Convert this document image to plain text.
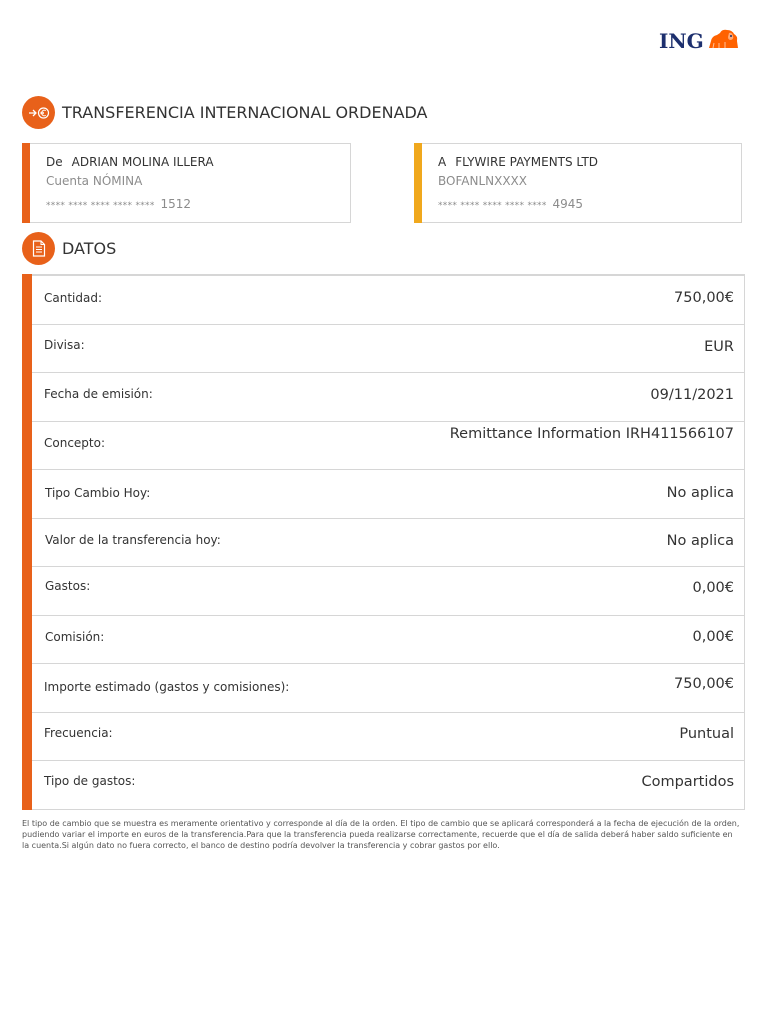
ING
TRANSFERENCIA INTERNACIONAL ORDENADA
De ADRIAN MOLINA ILLERA
Cuenta NÓMINA
**** **** **** **** **** 1512
A FLYWIRE PAYMENTS LTD
BOFANLNXXXX
**** **** **** **** **** 4945
DATOS
Cantidad:	750,00€
Divisa:	EUR
Fecha de emisión:	09/11/2021
Concepto:
Remittance Information IRH411566107
Tipo Cambio Hoy:	No aplica
Valor de la transferencia hoy:	No aplica
Gastos:	0,00€
Comisión:	0,00€
Importe estimado (gastos y comisiones):	750,00€
Frecuencia:	Puntual
Tipo de gastos:	Compartidos
El tipo de cambio que se muestra es meramente orientativo y corresponde al día de la orden. El tipo de cambio que se aplicará corresponderá a la fecha de ejecución de la orden, pudiendo variar el importe en euros de la transferencia.Para que la transferencia pueda realizarse correctamente, recuerde que el día de salida deberá haber saldo suficiente en la cuenta.Si algún dato no fuera correcto, el banco de destino podría devolver la transferencia y cobrar gastos por ello.
